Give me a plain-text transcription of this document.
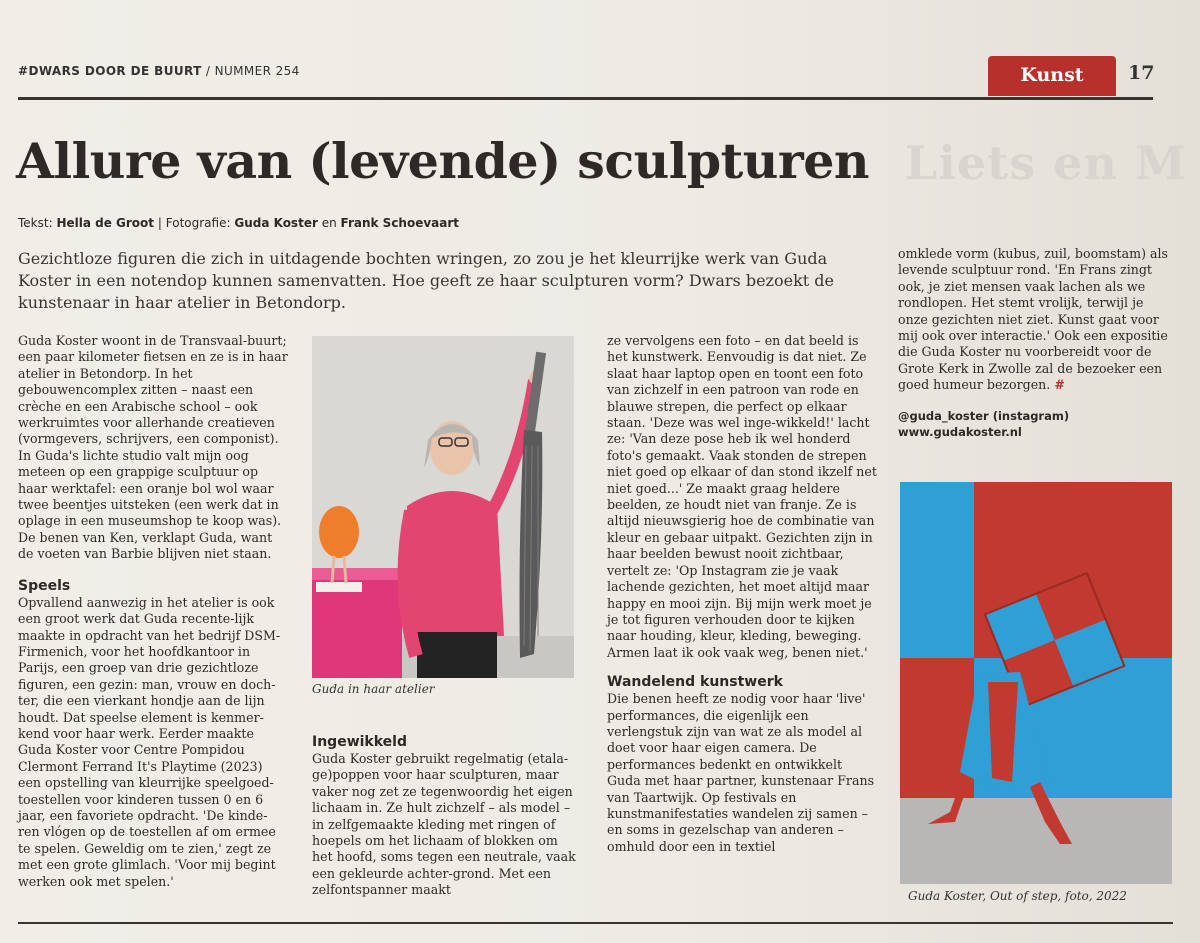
#DWARS DOOR DE BUURT / NUMMER 254	Kunst	17
Liets en M
Allure van (levende) sculpturen
Tekst: Hella de Groot | Fotografie: Guda Koster en Frank Schoevaart
Gezichtloze figuren die zich in uitdagende bochten wringen, zo zou je het kleurrijke werk van Guda Koster in een notendop kunnen samenvatten. Hoe geeft ze haar sculpturen vorm? Dwars bezoekt de kunstenaar in haar atelier in Betondorp.

Guda Koster woont in de Transvaal-buurt; een paar kilometer fietsen en ze is in haar atelier in Betondorp. In het gebouwencomplex zitten – naast een crèche en een Arabische school – ook werkruimtes voor allerhande creatieven (vormgevers, schrijvers, een componist). In Guda's lichte studio valt mijn oog meteen op een grappige sculptuur op haar werktafel: een oranje bol wol waar twee beentjes uitsteken (een werk dat in oplage in een museumshop te koop was). De benen van Ken, verklapt Guda, want de voeten van Barbie blijven niet staan.

Speels

Opvallend aanwezig in het atelier is ook een groot werk dat Guda recente-lijk maakte in opdracht van het bedrijf DSM-Firmenich, voor het hoofdkantoor in Parijs, een groep van drie gezichtloze figuren, een gezin: man, vrouw en doch-ter, die een vierkant hondje aan de lijn houdt. Dat speelse element is kenmer-kend voor haar werk. Eerder maakte Guda Koster voor Centre Pompidou Clermont Ferrand It's Playtime (2023) een opstelling van kleurrijke speelgoed-toestellen voor kinderen tussen 0 en 6 jaar, een favoriete opdracht. 'De kinde-ren vlógen op de toestellen af om ermee te spelen. Geweldig om te zien,' zegt ze met een grote glimlach. 'Voor mij begint werken ook met spelen.'

Guda in haar atelier

Ingewikkeld

Guda Koster gebruikt regelmatig (etala-ge)poppen voor haar sculpturen, maar vaker nog zet ze tegenwoordig het eigen lichaam in. Ze hult zichzelf – als model – in zelfgemaakte kleding met ringen of hoepels om het lichaam of blokken om het hoofd, soms tegen een neutrale, vaak een gekleurde achter-grond. Met een zelfontspanner maakt

ze vervolgens een foto – en dat beeld is het kunstwerk. Eenvoudig is dat niet. Ze slaat haar laptop open en toont een foto van zichzelf in een patroon van rode en blauwe strepen, die perfect op elkaar staan. 'Deze was wel inge-wikkeld!' lacht ze: 'Van deze pose heb ik wel honderd foto's gemaakt. Vaak stonden de strepen niet goed op elkaar of dan stond ikzelf net niet goed...' Ze maakt graag heldere beelden, ze houdt niet van franje. Ze is altijd nieuwsgierig hoe de combinatie van kleur en gebaar uitpakt. Gezichten zijn in haar beelden bewust nooit zichtbaar, vertelt ze: 'Op Instagram zie je vaak lachende gezichten, het moet altijd maar happy en mooi zijn. Bij mijn werk moet je je tot figuren verhouden door te kijken naar houding, kleur, kleding, beweging. Armen laat ik ook vaak weg, benen niet.'

Wandelend kunstwerk

Die benen heeft ze nodig voor haar 'live' performances, die eigenlijk een verlengstuk zijn van wat ze als model al doet voor haar eigen camera. De performances bedenkt en ontwikkelt Guda met haar partner, kunstenaar Frans van Taartwijk. Op festivals en kunstmanifestaties wandelen zij samen – en soms in gezelschap van anderen – omhuld door een in textiel

omklede vorm (kubus, zuil, boomstam) als levende sculptuur rond. 'En Frans zingt ook, je ziet mensen vaak lachen als we rondlopen. Het stemt vrolijk, terwijl je onze gezichten niet ziet. Kunst gaat voor mij ook over interactie.' Ook een expositie die Guda Koster nu voorbereidt voor de Grote Kerk in Zwolle zal de bezoeker een goed humeur bezorgen. #

@guda_koster (instagram)
www.gudakoster.nl
Guda Koster, Out of step, foto, 2022
